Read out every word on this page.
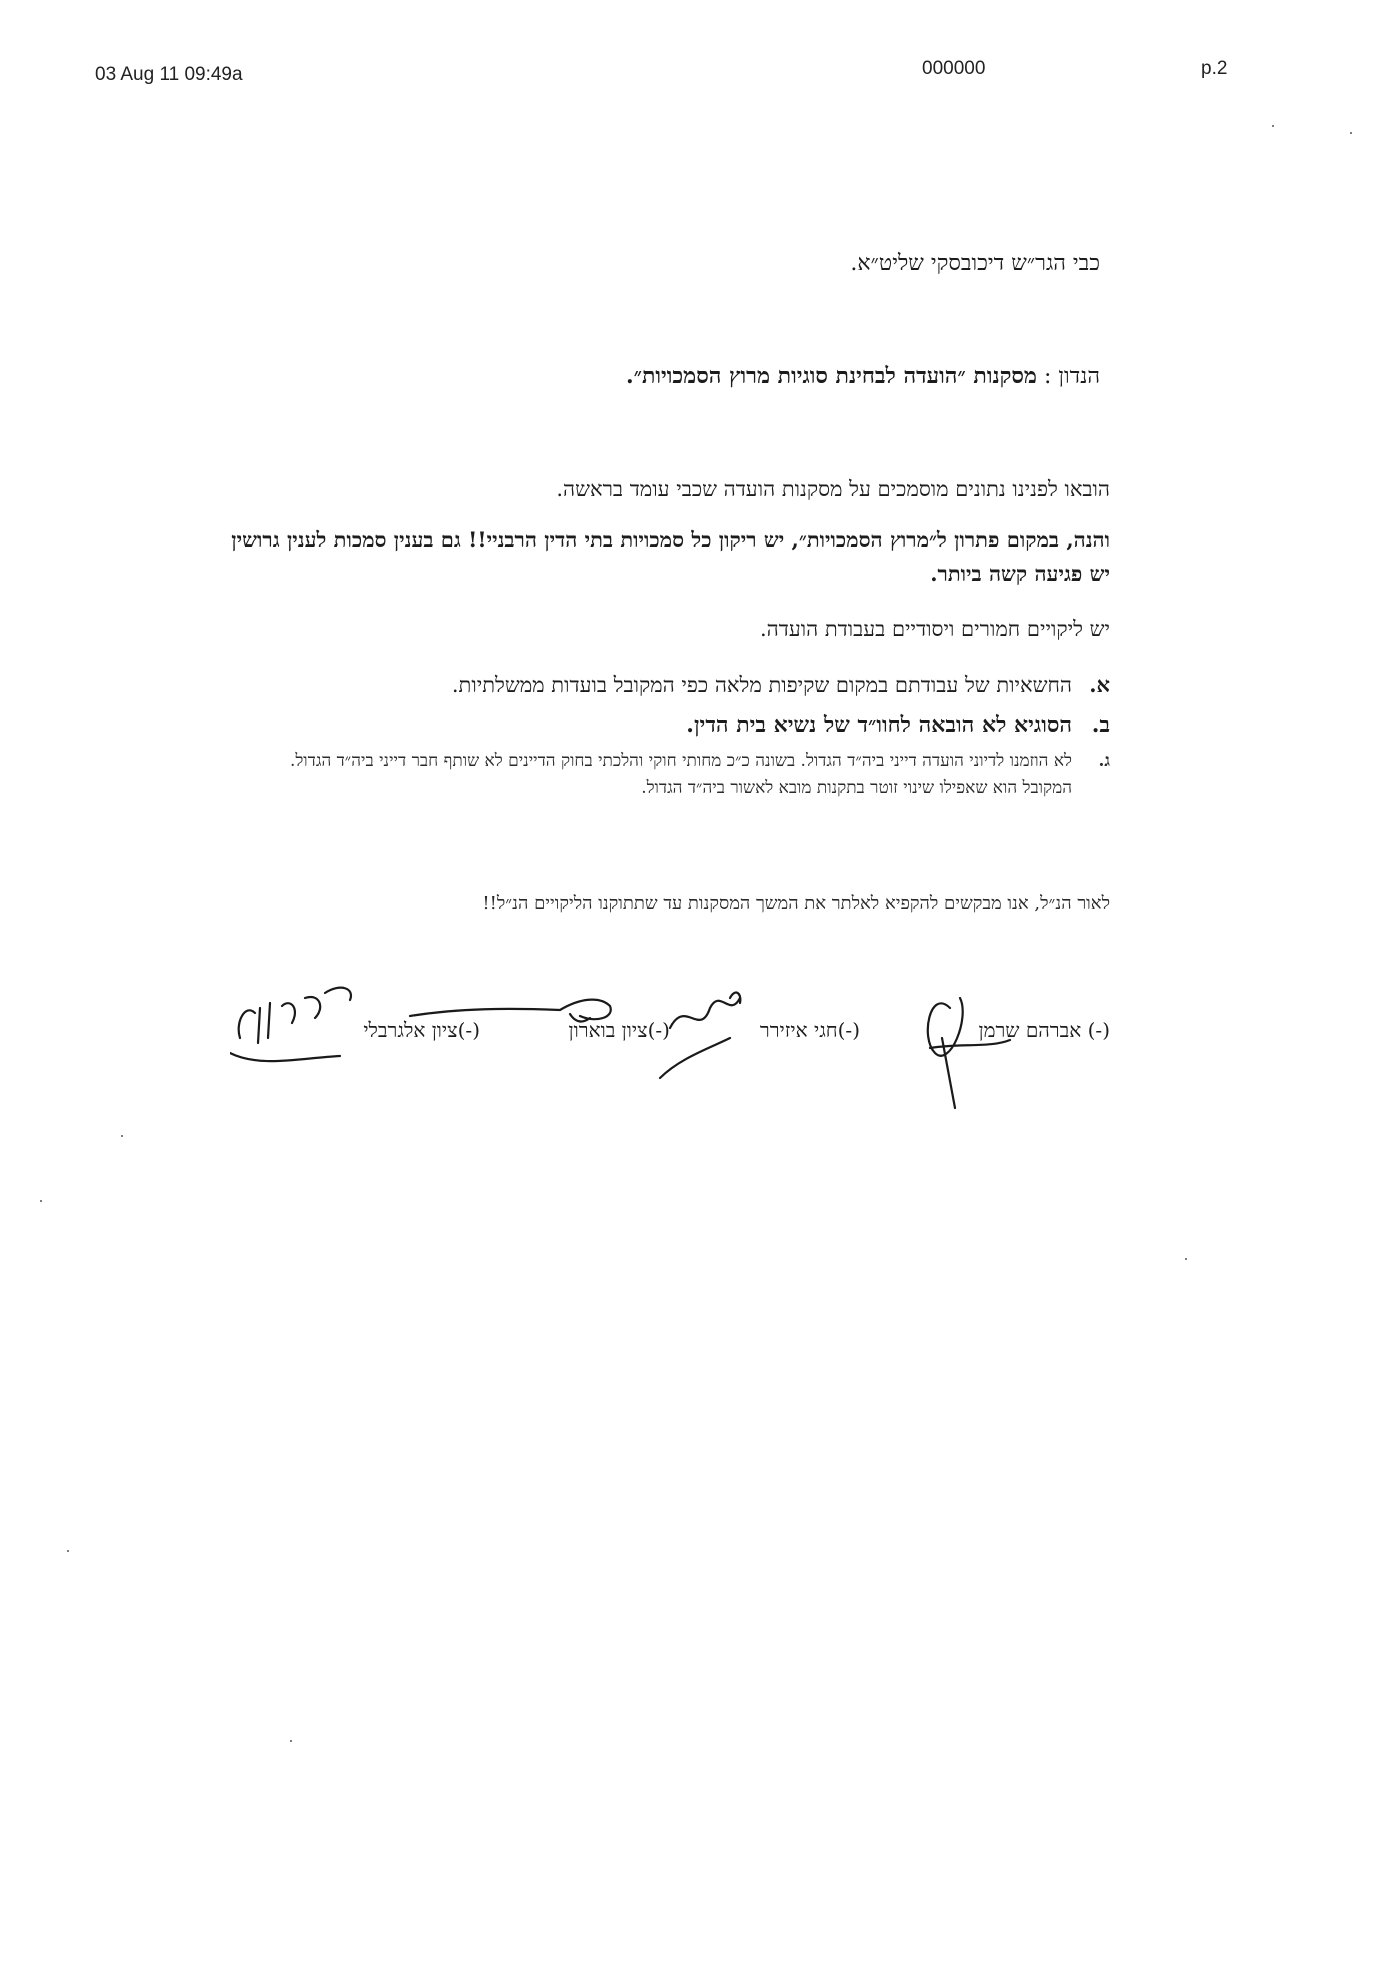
03 Aug 11 09:49a	000000	p.2
כבי הגר״ש דיכובסקי שליט״א.
הנדון : מסקנות ״הועדה לבחינת סוגיות מרוץ הסמכויות״.
הובאו לפנינו נתונים מוסמכים על מסקנות הועדה שכבי עומד בראשה.
והנה, במקום פתרון ל״מרוץ הסמכויות״, יש ריקון כל סמכויות בתי הדין הרבניי!! גם בענין סמכות לענין גרושין יש פגיעה קשה ביותר.
יש ליקויים חמורים ויסודיים בעבודת הועדה.
א.
החשאיות של עבודתם במקום שקיפות מלאה כפי המקובל בועדות ממשלתיות.
ב.
הסוגיא לא הובאה לחוו״ד של נשיא בית הדין.
ג.
לא הוזמנו לדיוני הועדה דייני ביה״ד הגדול. בשונה כ״כ מחותי חוקי והלכתי בחוק הדיינים לא שותף חבר דייני ביה״ד הגדול. המקובל הוא שאפילו שינוי זוטר בתקנות מובא לאשור ביה״ד הגדול.
לאור הנ״ל, אנו מבקשים להקפיא לאלתר את המשך המסקנות עד שתתוקנו הליקויים הנ״ל!!
(-) אברהם שרמן
(-)חגי איזירר
(-)ציון בוארון
(-)ציון אלגרבלי
